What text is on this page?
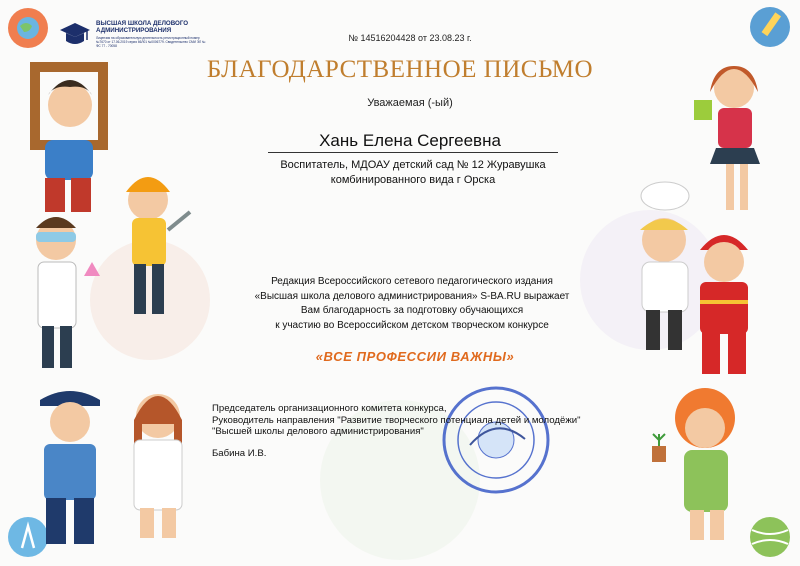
ВЫСШАЯ ШКОЛА ДЕЛОВОГО АДМИНИСТРИРОВАНИЯ
Лицензия на образовательную деятельность регистрационный номер №7670 от 17.06.2019 серия 66Л01 №0006779. Свидетельство СМИ ЭЛ № ФС 77 - 70058
№ 14516204428 от 23.08.23 г.
БЛАГОДАРСТВЕННОЕ ПИСЬМО
Уважаемая (-ый)
Хань Елена Сергеевна
Воспитатель, МДОАУ детский сад № 12 Журавушка
комбинированного вида г Орска
Редакция Всероссийского сетевого педагогического издания
«Высшая школа делового администрирования» S-BA.RU выражает
Вам благодарность за подготовку обучающихся
к участию во Всероссийском детском творческом конкурсе
«ВСЕ ПРОФЕССИИ ВАЖНЫ»
Председатель организационного комитета конкурса,
Руководитель направления "Развитие творческого потенциала детей и молодёжи"
"Высшей школы делового администрирования"
Бабина И.В.
